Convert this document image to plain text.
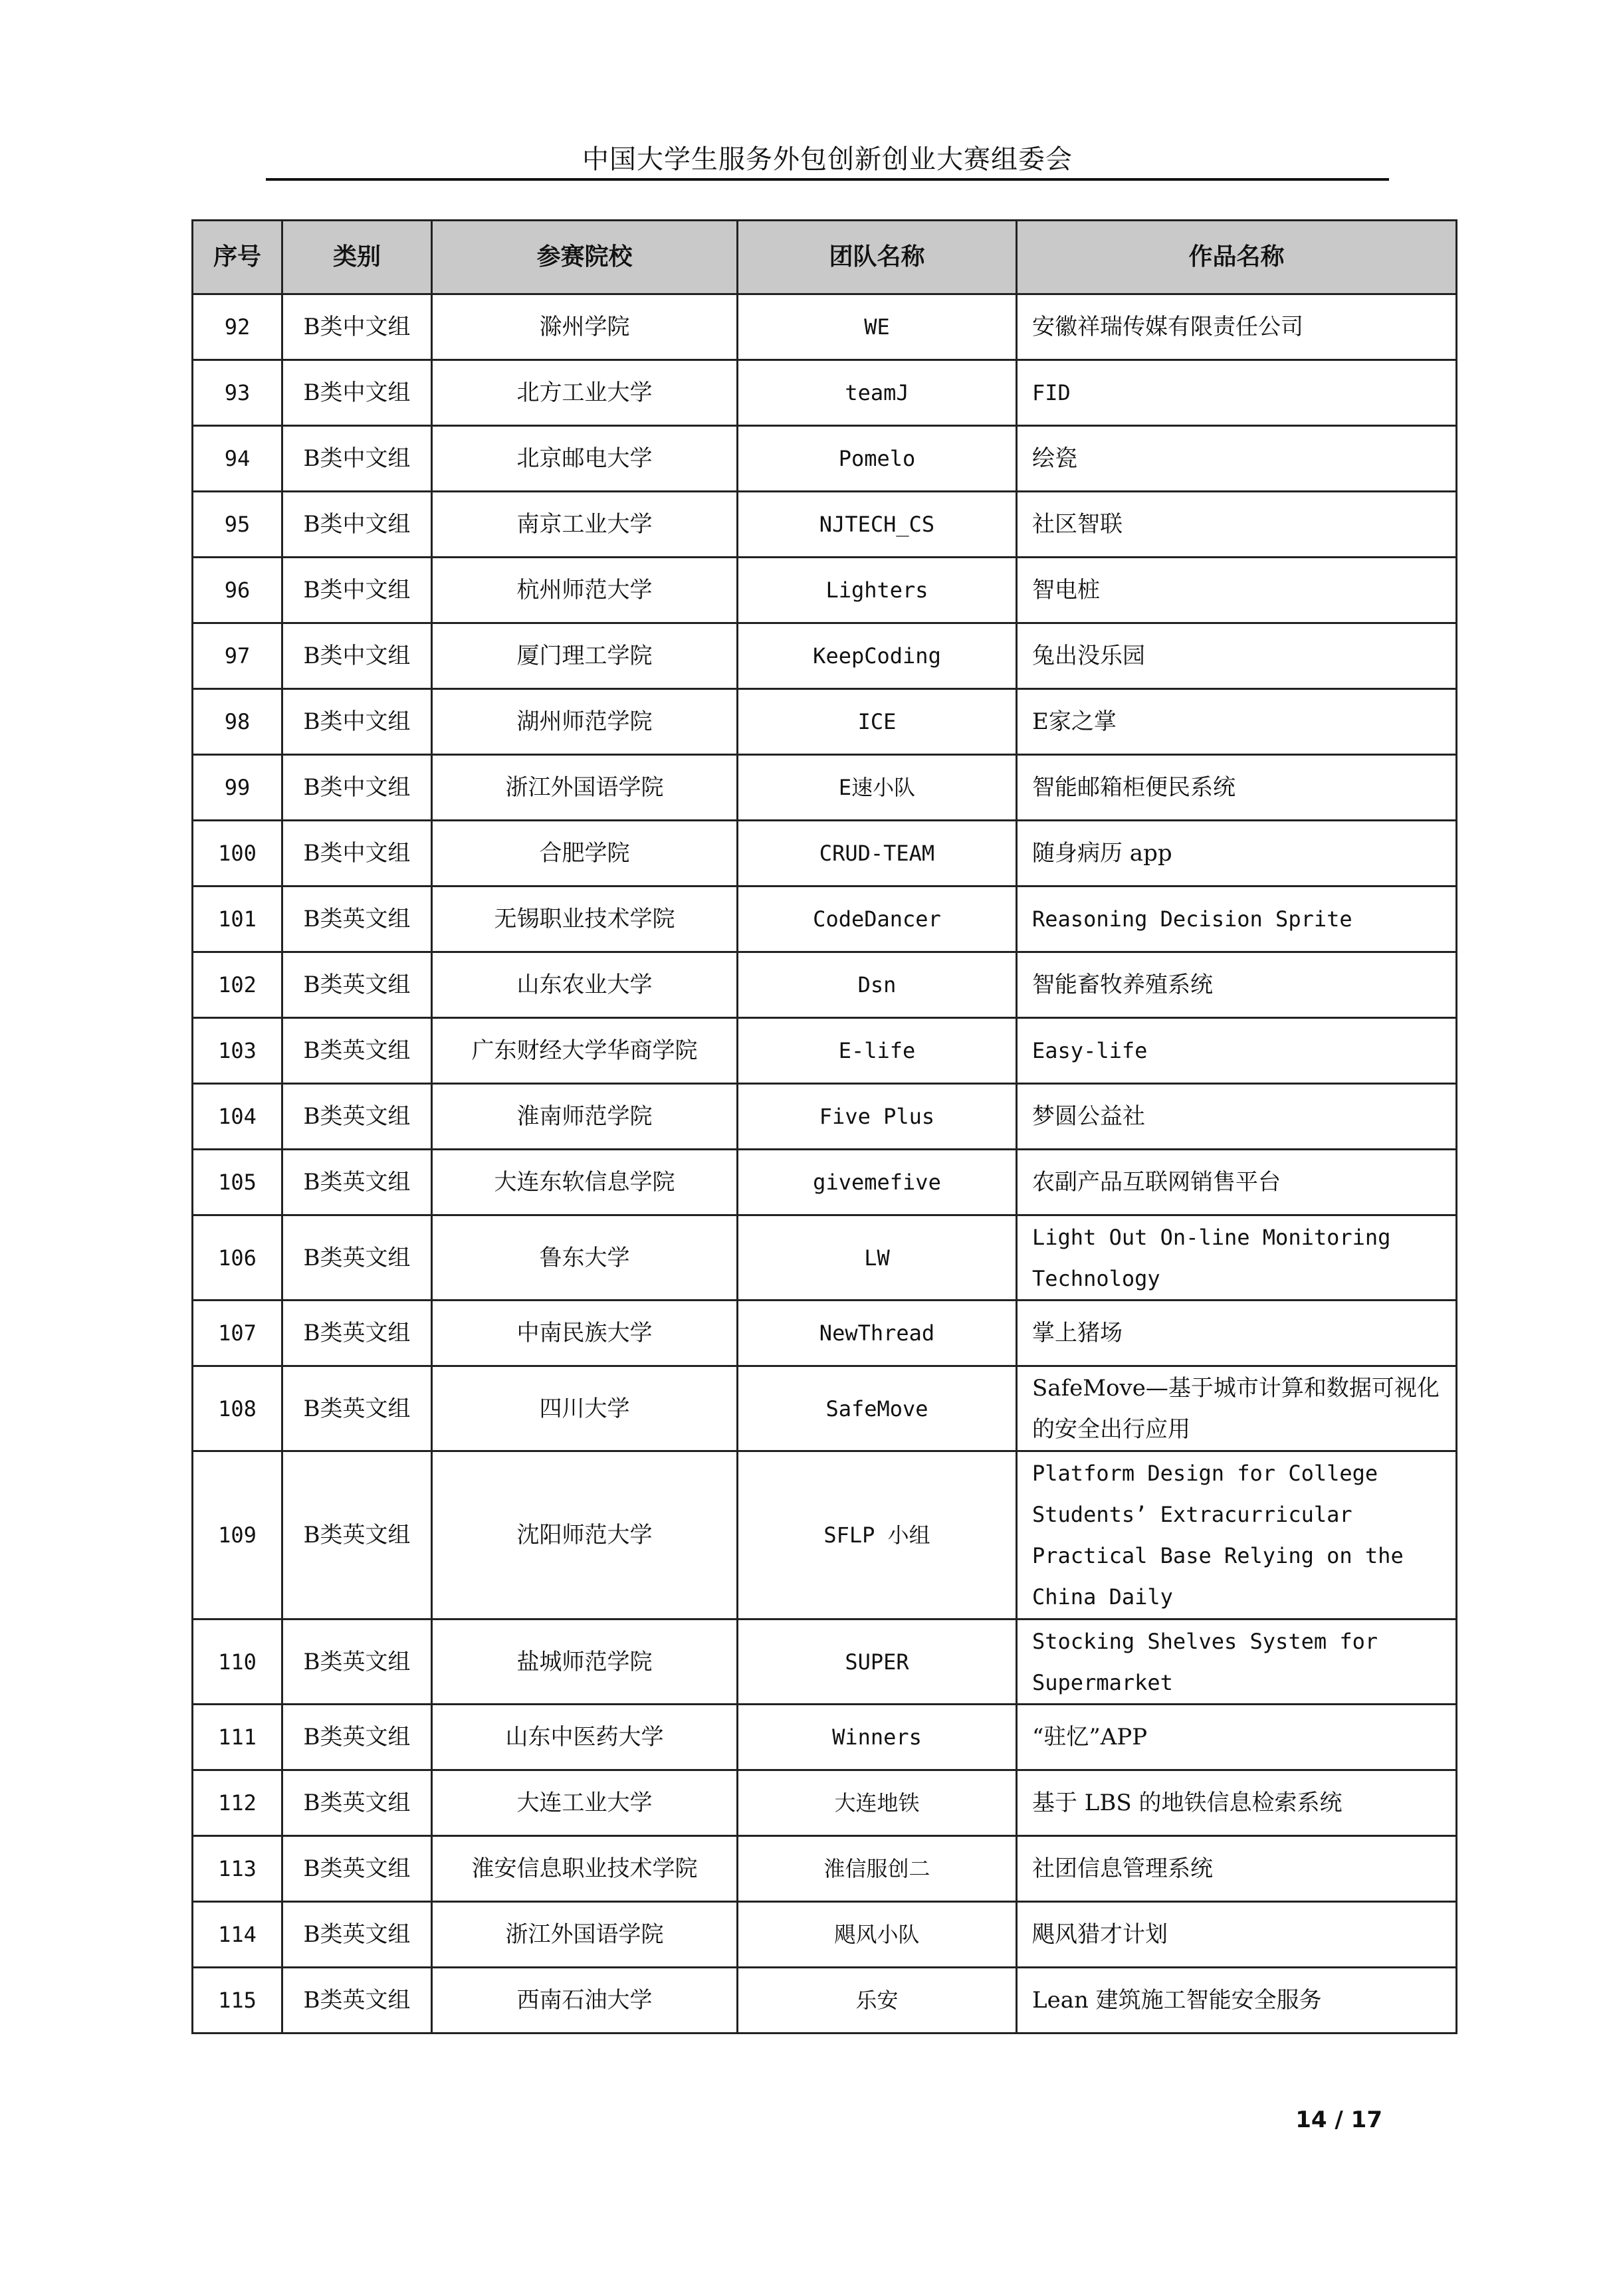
中国大学生服务外包创新创业大赛组委会
序号	类别	参赛院校	团队名称	作品名称
92	B类中文组	滁州学院	WE	安徽祥瑞传媒有限责任公司
93	B类中文组	北方工业大学	teamJ	FID
94	B类中文组	北京邮电大学	Pomelo	绘瓷
95	B类中文组	南京工业大学	NJTECH_CS	社区智联
96	B类中文组	杭州师范大学	Lighters	智电桩
97	B类中文组	厦门理工学院	KeepCoding	兔出没乐园
98	B类中文组	湖州师范学院	ICE	E家之掌
99	B类中文组	浙江外国语学院	E速小队	智能邮箱柜便民系统
100	B类中文组	合肥学院	CRUD-TEAM	随身病历 app
101	B类英文组	无锡职业技术学院	CodeDancer	Reasoning Decision Sprite
102	B类英文组	山东农业大学	Dsn	智能畜牧养殖系统
103	B类英文组	广东财经大学华商学院	E-life	Easy-life
104	B类英文组	淮南师范学院	Five Plus	梦圆公益社
105	B类英文组	大连东软信息学院	givemefive	农副产品互联网销售平台
106	B类英文组	鲁东大学	LW	Light Out On-line Monitoring Technology
107	B类英文组	中南民族大学	NewThread	掌上猪场
108	B类英文组	四川大学	SafeMove	SafeMove—基于城市计算和数据可视化的安全出行应用
109	B类英文组	沈阳师范大学	SFLP 小组	Platform Design for College Students’ Extracurricular Practical Base Relying on the China Daily
110	B类英文组	盐城师范学院	SUPER	Stocking Shelves System for Supermarket
111	B类英文组	山东中医药大学	Winners	“驻忆”APP
112	B类英文组	大连工业大学	大连地铁	基于 LBS 的地铁信息检索系统
113	B类英文组	淮安信息职业技术学院	淮信服创二	社团信息管理系统
114	B类英文组	浙江外国语学院	飓风小队	飓风猎才计划
115	B类英文组	西南石油大学	乐安	Lean 建筑施工智能安全服务
14 / 17
